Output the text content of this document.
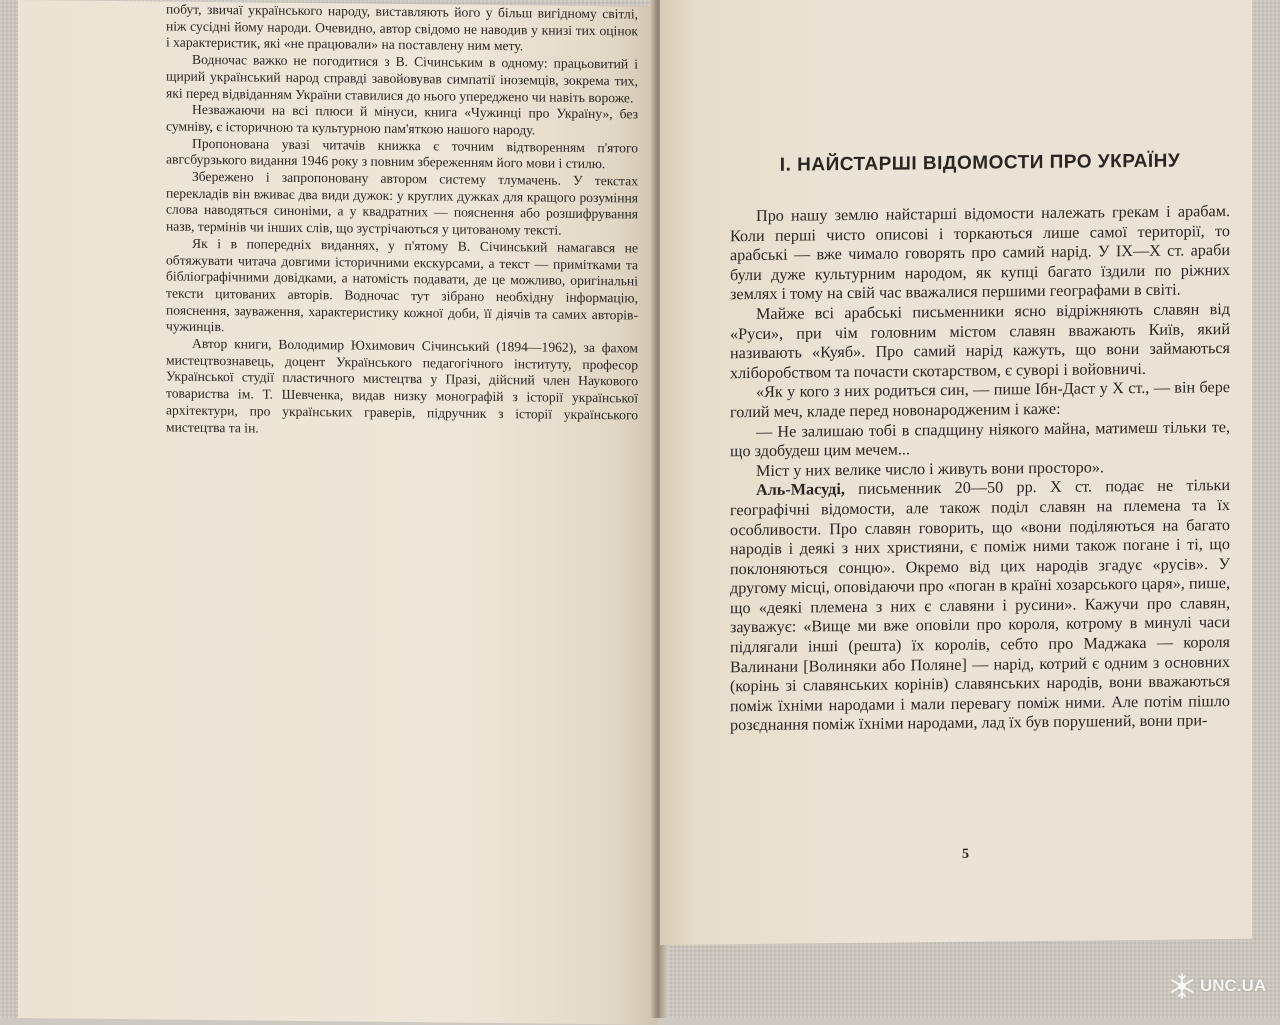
побут, звичаї українського народу, виставляють його у більш вигідному світлі, ніж сусідні йому народи. Очевидно, автор свідомо не наводив у книзі тих оцінок і характеристик, які «не працювали» на поставлену ним мету.

Водночас важко не погодитися з В. Січинським в одному: працьовитий і щирий український народ справді завойовував симпатії іноземців, зокрема тих, які перед відвіданням України ставилися до нього упереджено чи навіть вороже.

Незважаючи на всі плюси й мінуси, книга «Чужинці про Україну», без сумніву, є історичною та культурною пам'яткою нашого народу.

Пропонована увазі читачів книжка є точним відтворенням п'ятого авгсбурзького видання 1946 року з повним збереженням його мови і стилю.

Збережено і запропоновану автором систему тлумачень. У текстах перекладів він вживає два види дужок: у круглих дужках для кращого розуміння слова наводяться синоніми, а у квадратних — пояснення або розшифрування назв, термінів чи інших слів, що зустрічаються у цитованому тексті.

Як і в попередніх виданнях, у п'ятому В. Січинський намагався не обтяжувати читача довгими історичними екскурсами, а текст — примітками та бібліографічними довідками, а натомість подавати, де це можливо, оригінальні тексти цитованих авторів. Водночас тут зібрано необхідну інформацію, пояснення, зауваження, характеристику кожної доби, її діячів та самих авторів-чужинців.

Автор книги, Володимир Юхимович Січинський (1894—1962), за фахом мистецтвознавець, доцент Українського педагогічного інституту, професор Української студії пластичного мистецтва у Празі, дійсний член Наукового товариства ім. Т. Шевченка, видав низку монографій з історії української архітектури, про українських граверів, підручник з історії українського мистецтва та ін.

І. НАЙСТАРШІ ВІДОМОСТИ ПРО УКРАЇНУ

Про нашу землю найстарші відомости належать грекам і арабам. Коли перші чисто описові і торкаються лише самої території, то арабські — вже чимало говорять про самий нарід. У IX—X ст. араби були дуже культурним народом, як купці багато їздили по ріжних землях і тому на свій час вважалися першими географами в світі.

Майже всі арабські письменники ясно відріжняють славян від «Руси», при чім головним містом славян вважають Київ, який називають «Куяб». Про самий нарід кажуть, що вони займаються хліборобством та почасти скотарством, є суворі і войовничі.

«Як у кого з них родиться син, — пише Ібн-Даст у X ст., — він бере голий меч, кладе перед новонародженим і каже:

— Не залишаю тобі в спадщину ніякого майна, матимеш тільки те, що здобудеш цим мечем...

Міст у них велике число і живуть вони просторо».

Аль-Масуді, письменник 20—50 рр. X ст. подає не тільки географічні відомости, але також поділ славян на племена та їх особливости. Про славян говорить, що «вони поділяються на багато народів і деякі з них християни, є поміж ними також погане і ті, що поклоняються сонцю». Окремо від цих народів згадує «русів». У другому місці, оповідаючи про «поган в країні хозарського царя», пише, що «деякі племена з них є славяни і русини». Кажучи про славян, зауважує: «Вище ми вже оповіли про короля, котрому в минулі часи підлягали інші (решта) їх королів, себто про Маджака — короля Валинани [Волиняки або Поляне] — нарід, котрий є одним з основних (корінь зі славянських корінів) славянських народів, вони вважаються поміж їхніми народами і мали перевагу поміж ними. Але потім пішло розєднання поміж їхніми народами, лад їх був порушений, вони при-

5
UNC.UA
